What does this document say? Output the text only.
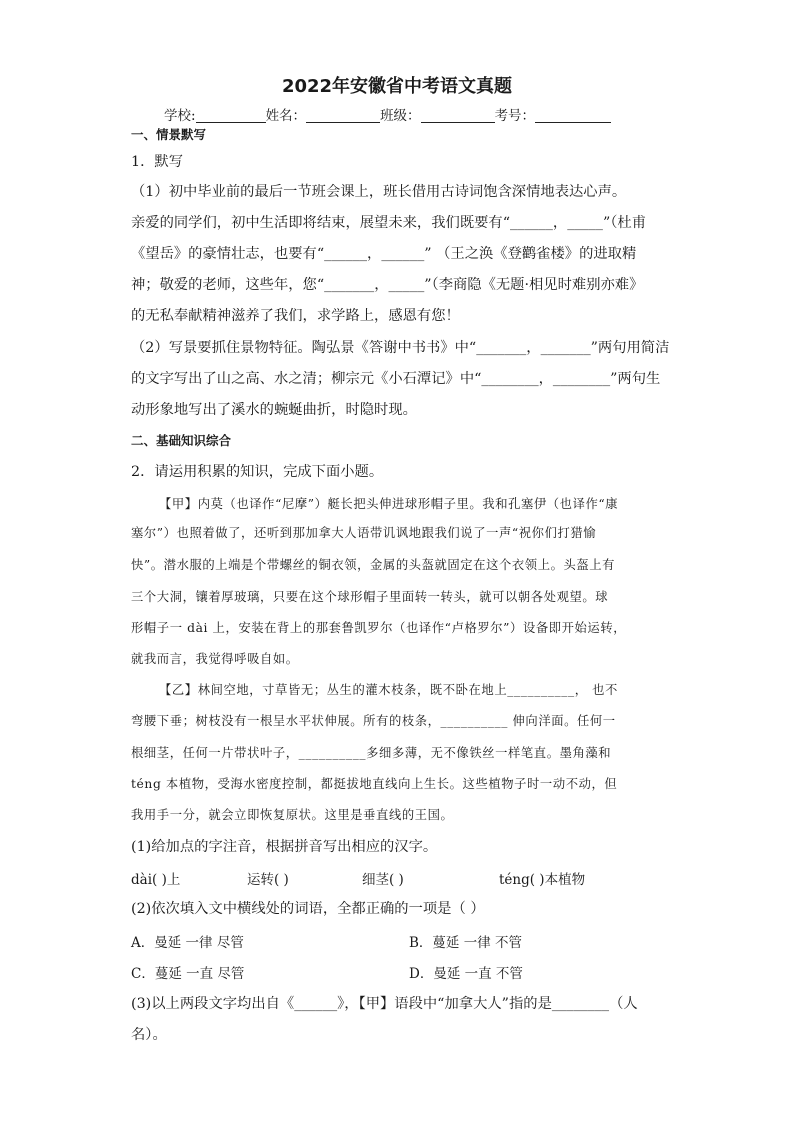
2022年安徽省中考语文真题
学校:	姓名：	班级：	考号：
一、情景默写
1．默写
（1）初中毕业前的最后一节班会课上，班长借用古诗词饱含深情地表达心声。
亲爱的同学们，初中生活即将结束，展望未来，我们既要有“______，_____”（杜甫
《望岳》的豪情壮志，也要有“______，______” （王之涣《登鹳雀楼》的进取精
神；敬爱的老师，这些年，您“_______，_____”（李商隐《无题·相见时难别亦难》
的无私奉献精神滋养了我们，求学路上，感恩有您！
（2）写景要抓住景物特征。陶弘景《答谢中书书》中“_______，_______”两句用简洁
的文字写出了山之高、水之清；柳宗元《小石潭记》中“________，________”两句生
动形象地写出了溪水的蜿蜒曲折，时隐时现。
二、基础知识综合
2．请运用积累的知识，完成下面小题。
【甲】内莫（也译作“尼摩”）艇长把头伸进球形帽子里。我和孔塞伊（也译作“康
塞尔”）也照着做了，还听到那加拿大人语带讥讽地跟我们说了一声“祝你们打猎愉
快”。潜水服的上端是个带螺丝的铜衣领，金属的头盔就固定在这个衣领上。头盔上有
三个大洞，镶着厚玻璃，只要在这个球形帽子里面转一转头，就可以朝各处观望。球
形帽子一 dài 上，安装在背上的那套鲁凯罗尔（也译作“卢格罗尔”）设备即开始运转，
就我而言，我觉得呼吸自如。
【乙】林间空地，寸草皆无；丛生的灌木枝条，既不卧在地上__________， 也不
弯腰下垂；树枝没有一根呈水平状伸展。所有的枝条，__________ 伸向洋面。任何一
根细茎，任何一片带状叶子，__________多细多薄，无不像铁丝一样笔直。墨角藻和
téng 本植物，受海水密度控制，都挺拔地直线向上生长。这些植物子时一动不动，但
我用手一分，就会立即恢复原状。这里是垂直线的王国。
(1)给加点的字注音，根据拼音写出相应的汉字。
dài( )上	运转( )	细茎( )	téng( )本植物
(2)依次填入文中横线处的词语，全都正确的一项是（ ）
A．曼延 一律 尽管	B．蔓延 一律 不管
C．蔓延 一直 尽管	D．曼延 一直 不管
(3)以上两段文字均出自《______》，【甲】语段中“加拿大人”指的是________（人
名）。
